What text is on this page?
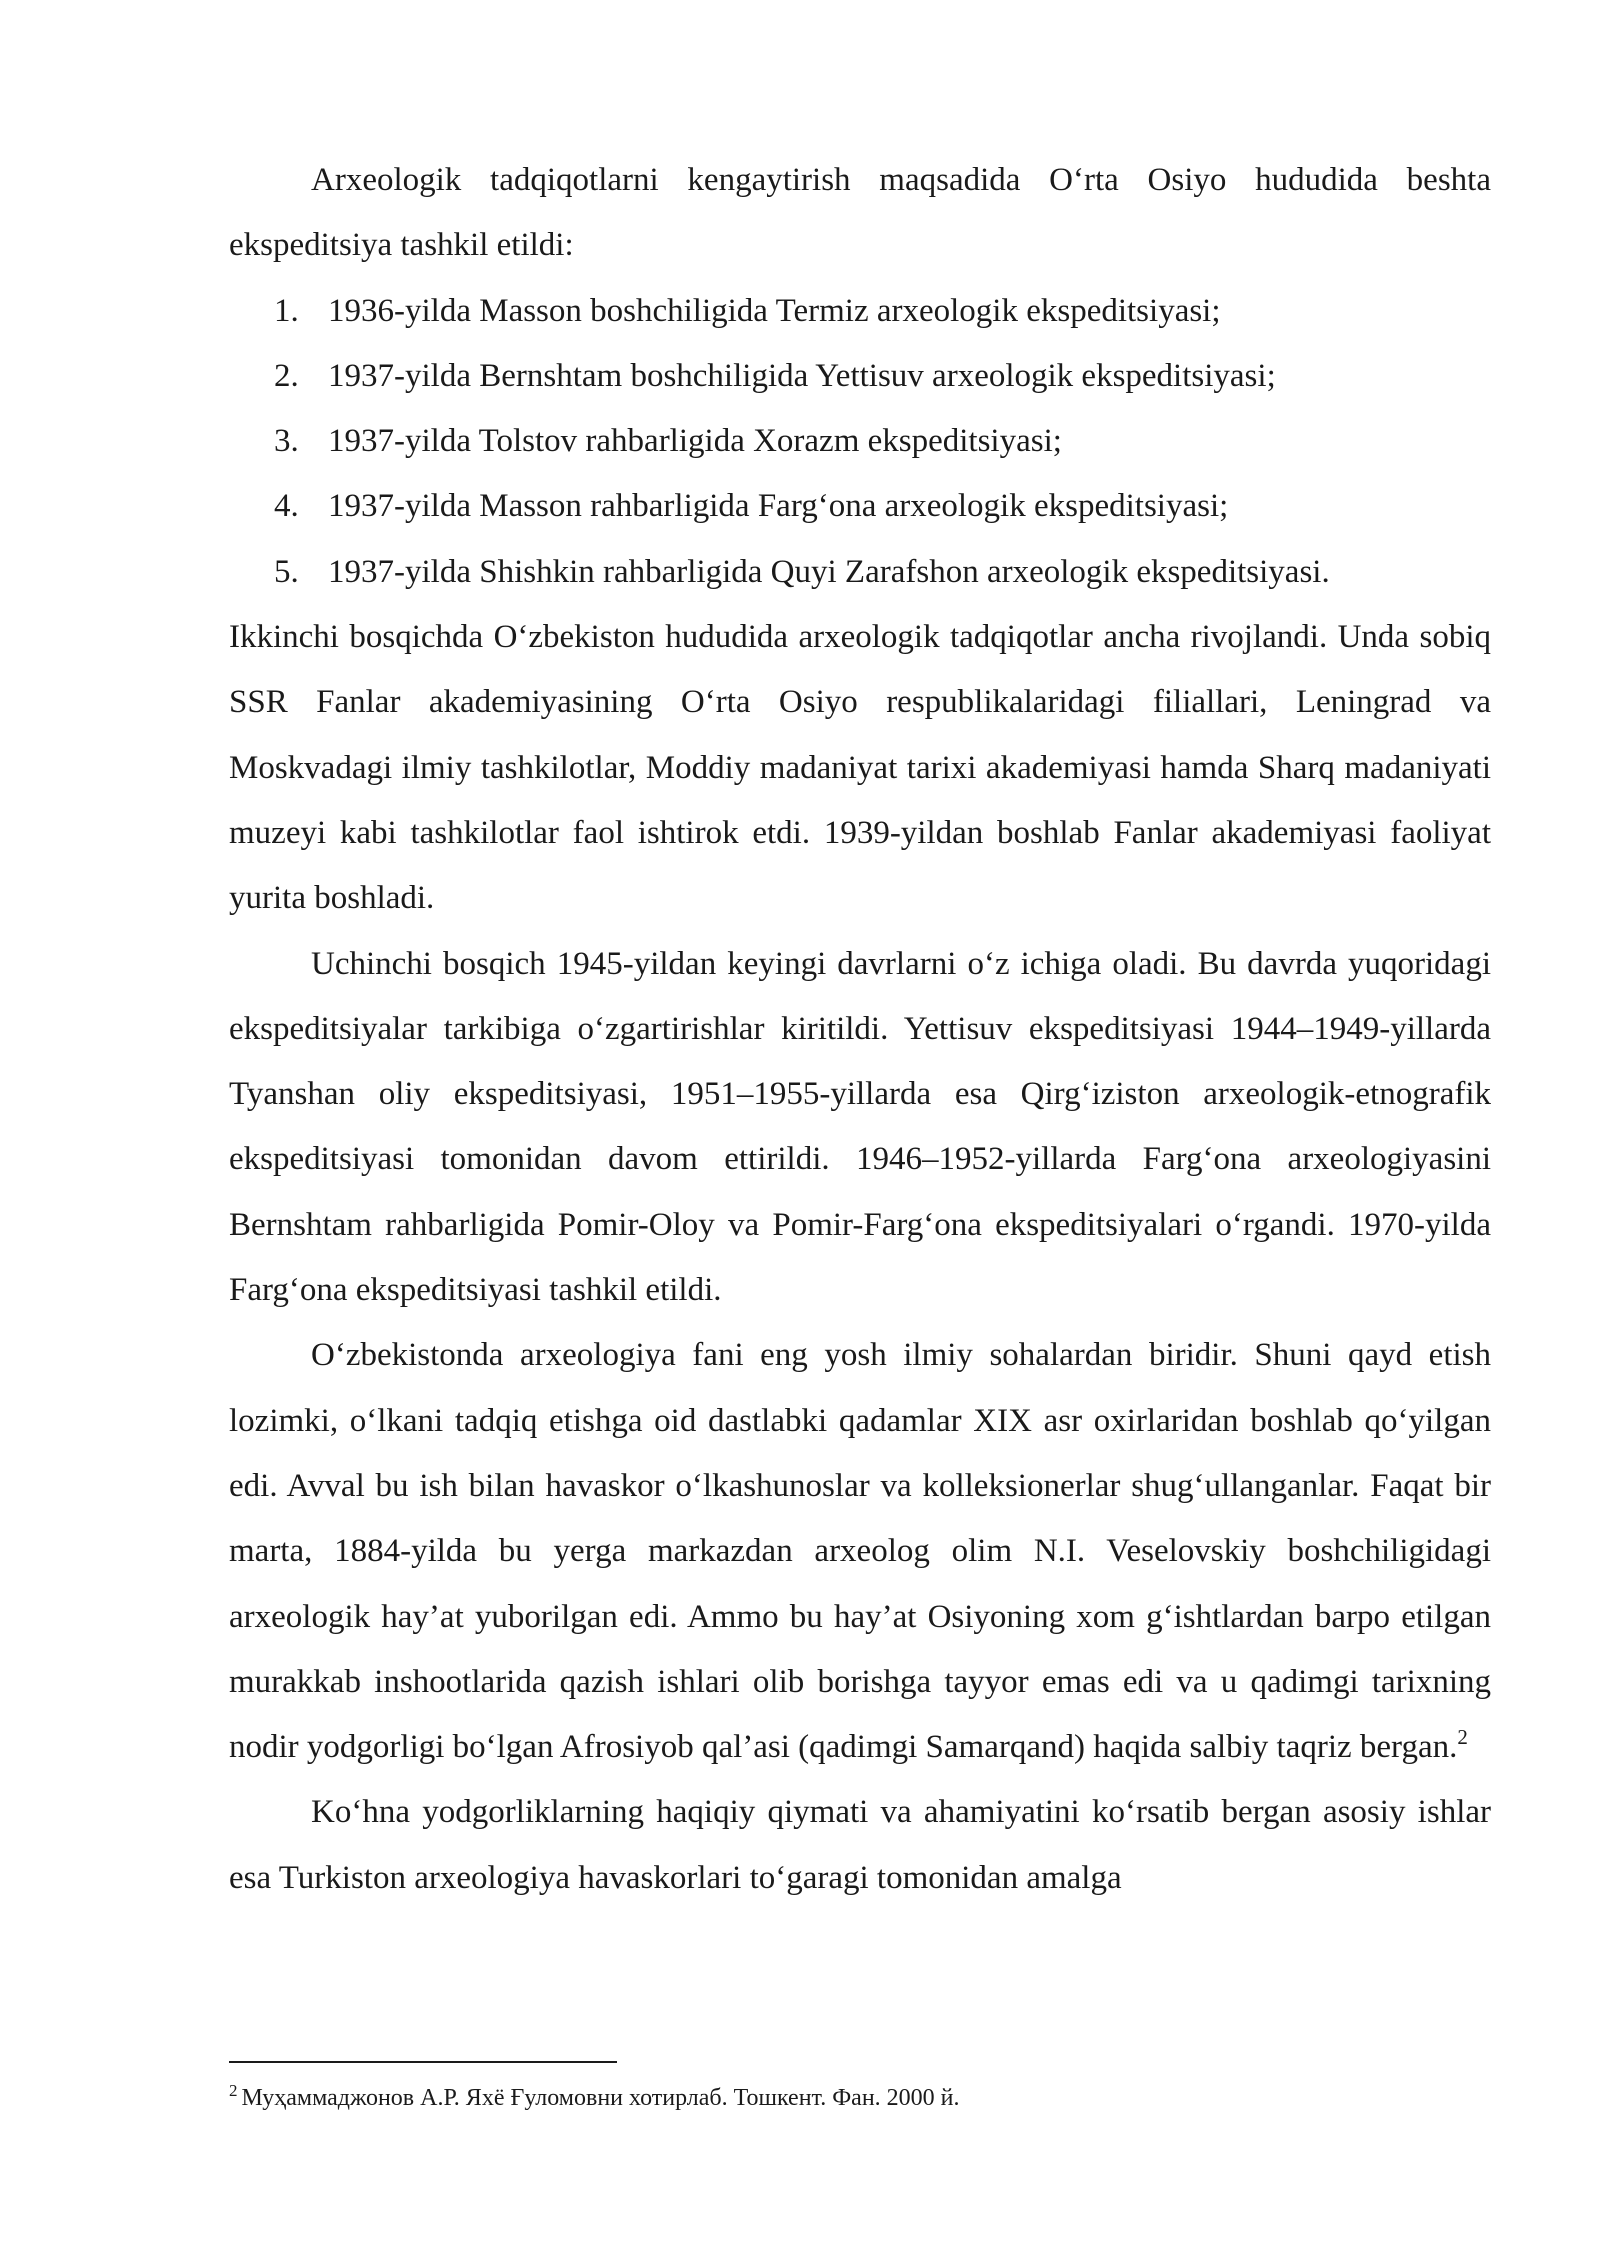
Arxeologik tadqiqotlarni kengaytirish maqsadida O‘rta Osiyo hududida beshta ekspeditsiya tashkil etildi:

1. 1936-yilda Masson boshchiligida Termiz arxeologik ekspeditsiyasi;
2. 1937-yilda Bernshtam boshchiligida Yettisuv arxeologik ekspeditsiyasi;
3. 1937-yilda Tolstov rahbarligida Xorazm ekspeditsiyasi;
4. 1937-yilda Masson rahbarligida Farg‘ona arxeologik ekspeditsiyasi;
5. 1937-yilda Shishkin rahbarligida Quyi Zarafshon arxeologik ekspeditsiyasi.

Ikkinchi bosqichda O‘zbekiston hududida arxeologik tadqiqotlar ancha rivojlandi. Unda sobiq SSR Fanlar akademiyasining O‘rta Osiyo respublikalaridagi filiallari, Leningrad va Moskvadagi ilmiy tashkilotlar, Moddiy madaniyat tarixi akademiyasi hamda Sharq madaniyati muzeyi kabi tashkilotlar faol ishtirok etdi. 1939-yildan boshlab Fanlar akademiyasi faoliyat yurita boshladi.

Uchinchi bosqich 1945-yildan keyingi davrlarni o‘z ichiga oladi. Bu davrda yuqoridagi ekspeditsiyalar tarkibiga o‘zgartirishlar kiritildi. Yettisuv ekspeditsiyasi 1944–1949-yillarda Tyanshan oliy ekspeditsiyasi, 1951–1955-yillarda esa Qirg‘iziston arxeologik-etnografik ekspeditsiyasi tomonidan davom ettirildi. 1946–1952-yillarda Farg‘ona arxeologiyasini Bernshtam rahbarligida Pomir-Oloy va Pomir-Farg‘ona ekspeditsiyalari o‘rgandi. 1970-yilda Farg‘ona ekspeditsiyasi tashkil etildi.

O‘zbekistonda arxeologiya fani eng yosh ilmiy sohalardan biridir. Shuni qayd etish lozimki, o‘lkani tadqiq etishga oid dastlabki qadamlar XIX asr oxirlaridan boshlab qo‘yilgan edi. Avval bu ish bilan havaskor o‘lkashunoslar va kolleksionerlar shug‘ullanganlar. Faqat bir marta, 1884-yilda bu yerga markazdan arxeolog olim N.I. Veselovskiy boshchiligidagi arxeologik hay’at yuborilgan edi. Ammo bu hay’at Osiyoning xom g‘ishtlardan barpo etilgan murakkab inshootlarida qazish ishlari olib borishga tayyor emas edi va u qadimgi tarixning nodir yodgorligi bo‘lgan Afrosiyob qal’asi (qadimgi Samarqand) haqida salbiy taqriz bergan.$^2$

Ko‘hna yodgorliklarning haqiqiy qiymati va ahamiyatini ko‘rsatib bergan asosiy ishlar esa Turkiston arxeologiya havaskorlari to‘garagi tomonidan amalga

$^2$ Муҳаммаджонов А.Р. Яхё Ғуломовни хотирлаб. Тошкент. Фан. 2000 й.
